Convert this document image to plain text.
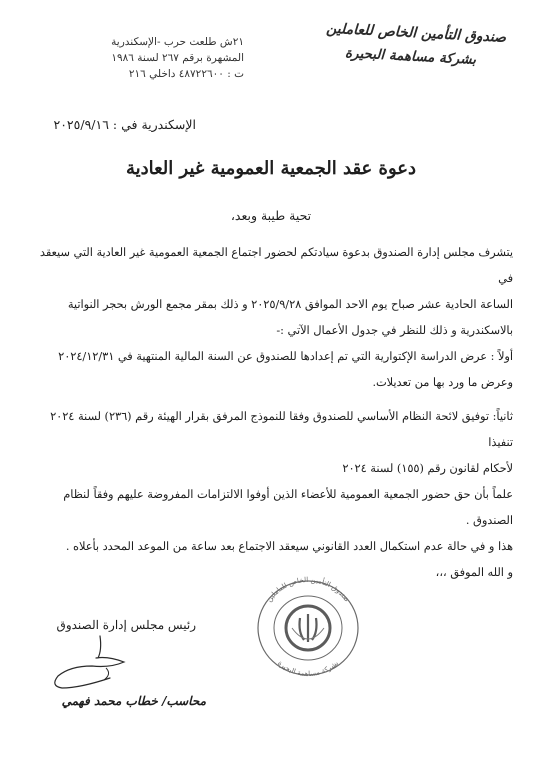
صندوق التأمين الخاص للعاملين
بشركة مساهمة البحيرة
٢١ش طلعت حرب -الإسكندرية
المشهرة برقم ٢٦٧ لسنة ١٩٨٦
ت : ٤٨٧٢٢٦٠٠ داخلي ٢١٦
الإسكندرية في : ٢٠٢٥/٩/١٦
دعوة عقد الجمعية العمومية غير العادية
تحية طيبة وبعد،
يتشرف مجلس إدارة الصندوق بدعوة سيادتكم لحضور اجتماع الجمعية العمومية غير العادية التي سيعقد في
الساعة الحادية عشر صباح يوم الاحد الموافق ٢٠٢٥/٩/٢٨ و ذلك بمقر مجمع الورش بحجر النواتية
بالاسكندرية و ذلك للنظر في جدول الأعمال الآتي :-

أولاً : عرض الدراسة الإكتوارية التي تم إعدادها للصندوق عن السنة المالية المنتهية في ٢٠٢٤/١٢/٣١

وعرض ما ورد بها من تعديلات.

ثانياً: توفيق لائحة النظام الأساسي للصندوق وفقا للنموذج المرفق بقرار الهيئة رقم (٢٣٦) لسنة ٢٠٢٤ تنفيذا

لأحكام لقانون رقم (١٥٥) لسنة ٢٠٢٤

علماً بأن حق حضور الجمعية العمومية للأعضاء الذين أوفوا الالتزامات المفروضة عليهم وفقاً لنظام الصندوق .

هذا و في حالة عدم استكمال العدد القانوني سيعقد الاجتماع بعد ساعة من الموعد المحدد بأعلاه .

و الله الموفق ،،،

صندوق التأمين الخاص للعاملين
بشركة مساهمة البحيرة
رئيس مجلس إدارة الصندوق
محاسب/ خطاب محمد فهمي
